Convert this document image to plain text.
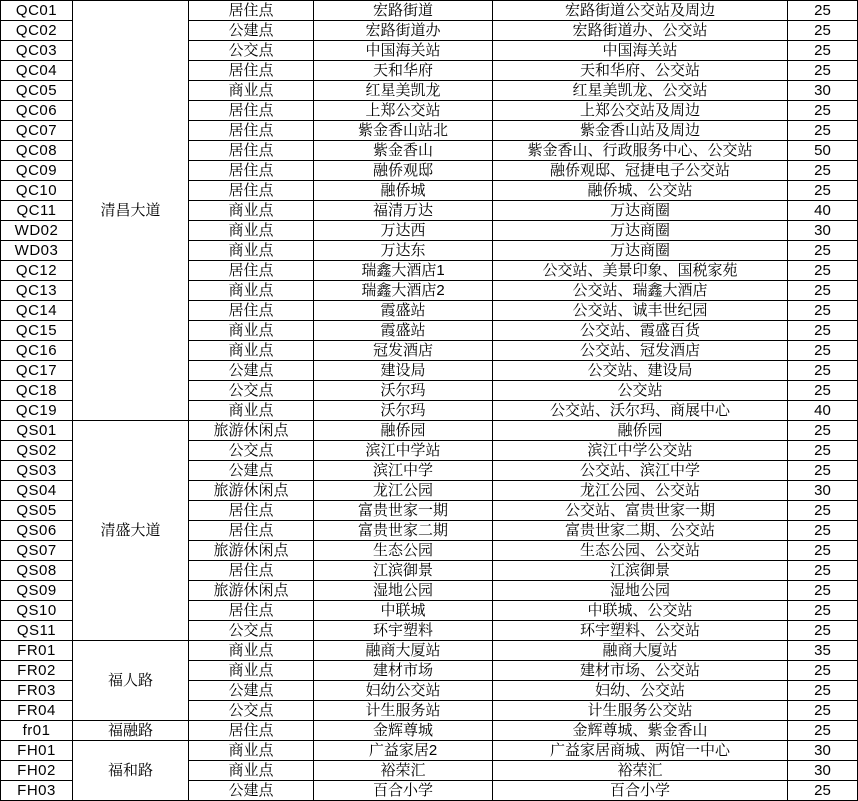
QC01	清昌大道	居住点	宏路街道	宏路街道公交站及周边	25
QC02		公建点	宏路街道办	宏路街道办、公交站	25
QC03		公交点	中国海关站	中国海关站	25
QC04		居住点	天和华府	天和华府、公交站	25
QC05		商业点	红星美凯龙	红星美凯龙、公交站	30
QC06		居住点	上郑公交站	上郑公交站及周边	25
QC07		居住点	紫金香山站北	紫金香山站及周边	25
QC08		居住点	紫金香山	紫金香山、行政服务中心、公交站	50
QC09		居住点	融侨观邸	融侨观邸、冠捷电子公交站	25
QC10		居住点	融侨城	融侨城、公交站	25
QC11		商业点	福清万达	万达商圈	40
WD02		商业点	万达西	万达商圈	30
WD03		商业点	万达东	万达商圈	25
QC12		居住点	瑞鑫大酒店1	公交站、美景印象、国税家苑	25
QC13		商业点	瑞鑫大酒店2	公交站、瑞鑫大酒店	25
QC14		居住点	霞盛站	公交站、诚丰世纪园	25
QC15		商业点	霞盛站	公交站、霞盛百货	25
QC16		商业点	冠发酒店	公交站、冠发酒店	25
QC17		公建点	建设局	公交站、建设局	25
QC18		公交点	沃尔玛	公交站	25
QC19		商业点	沃尔玛	公交站、沃尔玛、商展中心	40
QS01	清盛大道	旅游休闲点	融侨园	融侨园	25
QS02		公交点	滨江中学站	滨江中学公交站	25
QS03		公建点	滨江中学	公交站、滨江中学	25
QS04		旅游休闲点	龙江公园	龙江公园、公交站	30
QS05		居住点	富贵世家一期	公交站、富贵世家一期	25
QS06		居住点	富贵世家二期	富贵世家二期、公交站	25
QS07		旅游休闲点	生态公园	生态公园、公交站	25
QS08		居住点	江滨御景	江滨御景	25
QS09		旅游休闲点	湿地公园	湿地公园	25
QS10		居住点	中联城	中联城、公交站	25
QS11		公交点	环宇塑料	环宇塑料、公交站	25
FR01	福人路	商业点	融商大厦站	融商大厦站	35
FR02		商业点	建材市场	建材市场、公交站	25
FR03		公建点	妇幼公交站	妇幼、公交站	25
FR04		公交点	计生服务站	计生服务公交站	25
fr01	福融路	居住点	金辉尊城	金辉尊城、紫金香山	25
FH01	福和路	商业点	广益家居2	广益家居商城、两馆一中心	30
FH02		商业点	裕荣汇	裕荣汇	30
FH03		公建点	百合小学	百合小学	25
